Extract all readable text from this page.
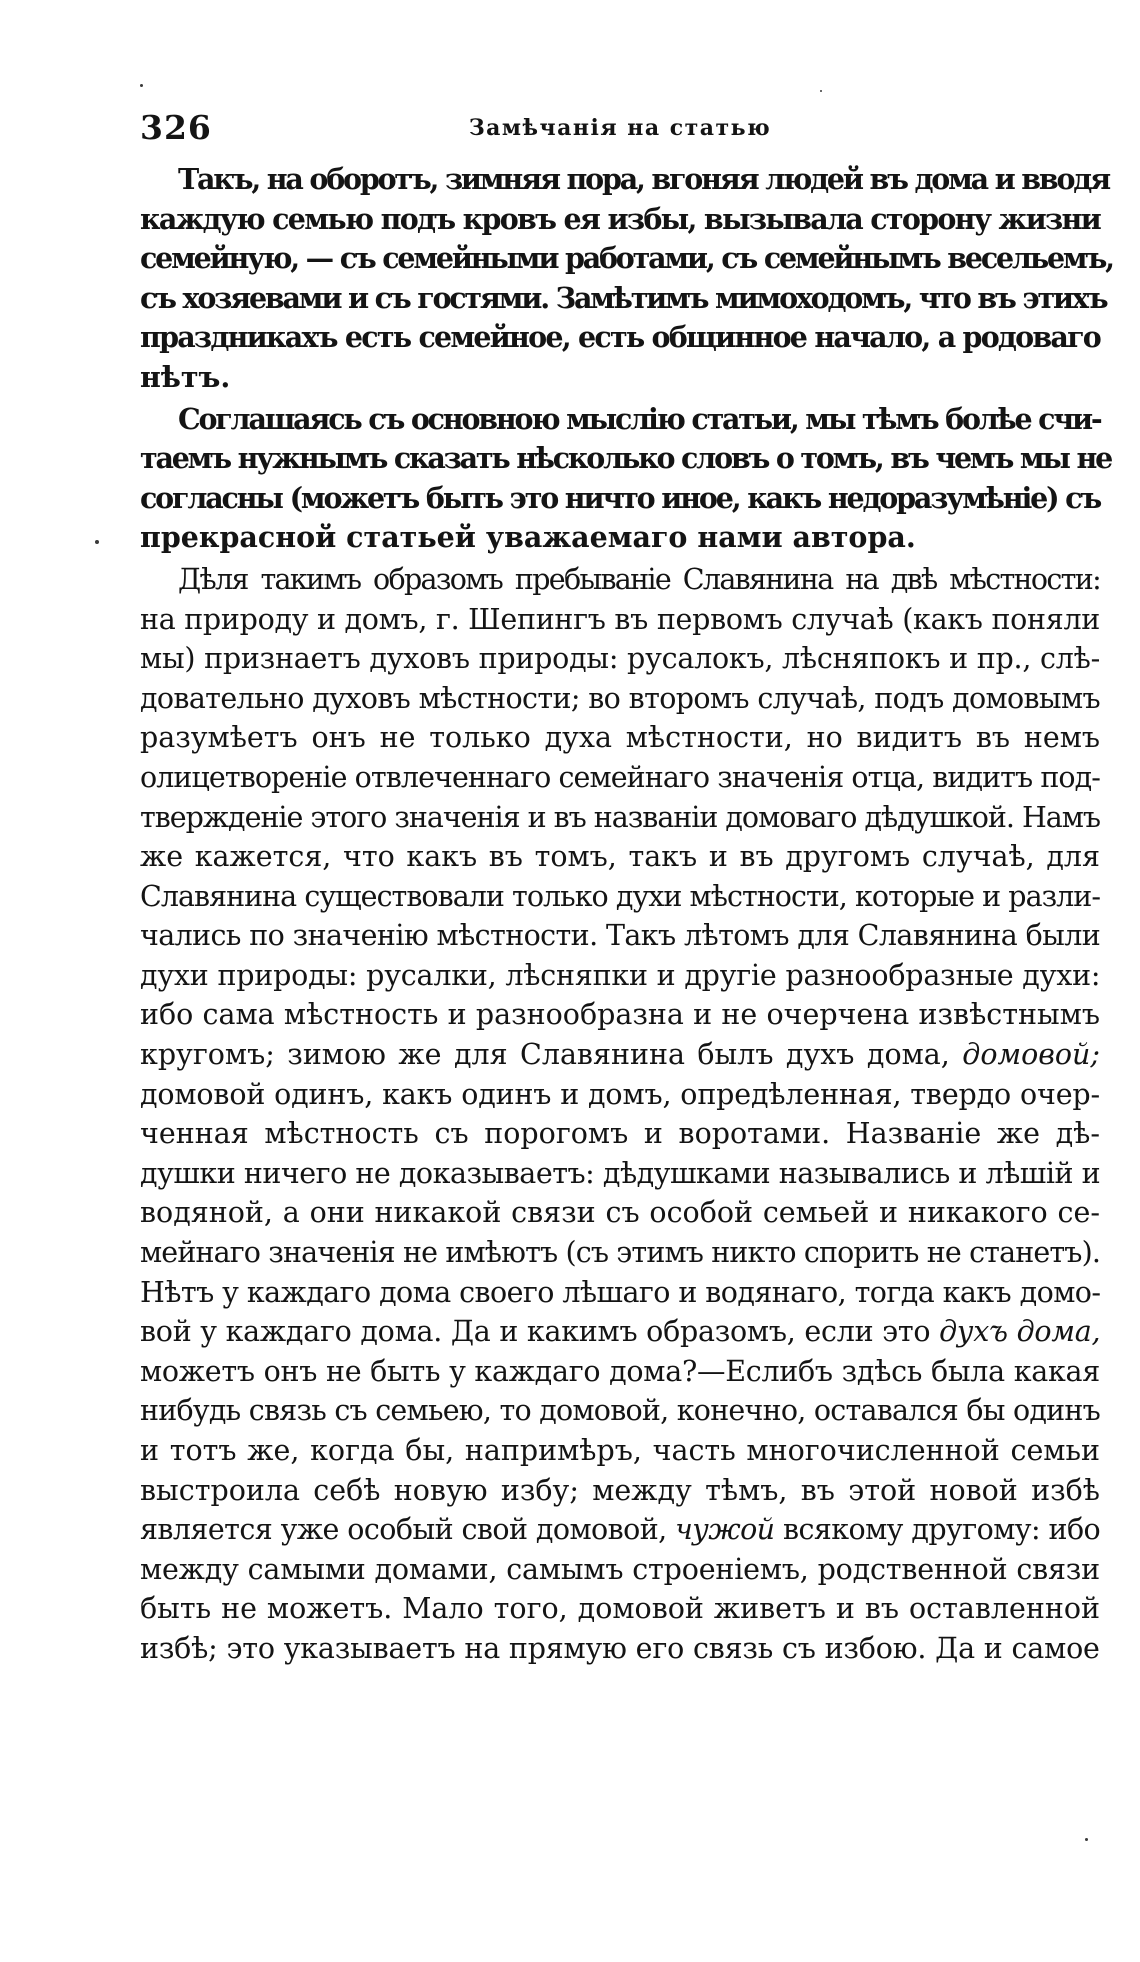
326	Замѣчанія на статью

Такъ, на оборотъ, зимняя пора, вгоняя людей въ дома и вводя
каждую семью подъ кровъ ея избы, вызывала сторону жизни
семейную, — съ семейными работами, съ семейнымъ весельемъ,
съ хозяевами и съ гостями. Замѣтимъ мимоходомъ, что въ этихъ
праздникахъ есть семейное, есть общинное начало, а родоваго
нѣтъ.

Соглашаясь съ основною мыслію статьи, мы тѣмъ болѣе счи-
таемъ нужнымъ сказать нѣсколько словъ о томъ, въ чемъ мы не
согласны (можетъ быть это ничто иное, какъ недоразумѣніе) съ
прекрасной статьей уважаемаго нами автора.

Дѣля такимъ образомъ пребываніе Славянина на двѣ мѣстности:
на природу и домъ, г. Шепингъ въ первомъ случаѣ (какъ поняли
мы) признаетъ духовъ природы: русалокъ, лѣсняпокъ и пр., слѣ-
довательно духовъ мѣстности; во второмъ случаѣ, подъ домовымъ
разумѣетъ онъ не только духа мѣстности, но видитъ въ немъ
олицетвореніе отвлеченнаго семейнаго значенія отца, видитъ под-
твержденіе этого значенія и въ названіи домоваго дѣдушкой. Намъ
же кажется, что какъ въ томъ, такъ и въ другомъ случаѣ, для
Славянина существовали только духи мѣстности, которые и разли-
чались по значенію мѣстности. Такъ лѣтомъ для Славянина были
духи природы: русалки, лѣсняпки и другіе разнообразные духи:
ибо сама мѣстность и разнообразна и не очерчена извѣстнымъ
кругомъ; зимою же для Славянина былъ духъ дома, домовой;
домовой одинъ, какъ одинъ и домъ, опредѣленная, твердо очер-
ченная мѣстность съ порогомъ и воротами. Названіе же дѣ-
душки ничего не доказываетъ: дѣдушками назывались и лѣшій и
водяной, а они никакой связи съ особой семьей и никакого се-
мейнаго значенія не имѣютъ (съ этимъ никто спорить не станетъ).
Нѣтъ у каждаго дома своего лѣшаго и водянаго, тогда какъ домо-
вой у каждаго дома. Да и какимъ образомъ, если это духъ дома,
можетъ онъ не быть у каждаго дома?—Еслибъ здѣсь была какая
нибудь связь съ семьею, то домовой, конечно, оставался бы одинъ
и тотъ же, когда бы, напримѣръ, часть многочисленной семьи
выстроила себѣ новую избу; между тѣмъ, въ этой новой избѣ
является уже особый свой домовой, чужой всякому другому: ибо
между самыми домами, самымъ строеніемъ, родственной связи
быть не можетъ. Мало того, домовой живетъ и въ оставленной
избѣ; это указываетъ на прямую его связь съ избою. Да и самое
